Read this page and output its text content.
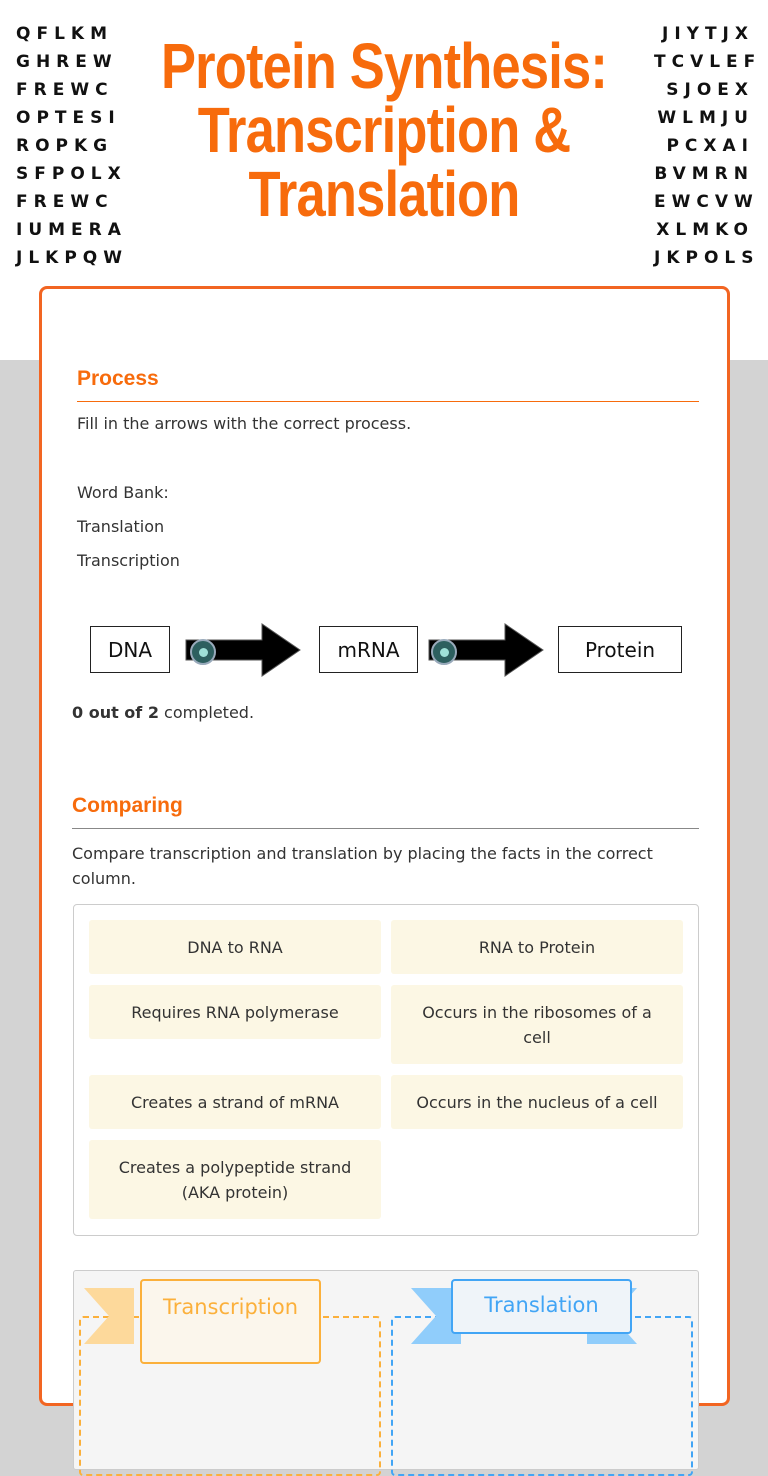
QFLKM
GHREW
FREWC
OPTESI
ROPKG
SFPOLX
FREWC
IUMERA
JLKPQW
JIYTJX
TCVLEF
SJOEX
WLMJU
PCXAI
BVMRN
EWCVW
XLMKO
JKPOLS
Protein Synthesis: Transcription & Translation
Process
Fill in the arrows with the correct process.
Word Bank:
Translation
Transcription
DNA	mRNA	Protein
0 out of 2 completed.
Comparing
Compare transcription and translation by placing the facts in the correct column.
DNA to RNA	RNA to Protein
Requires RNA polymerase	Occurs in the ribosomes of a cell
Creates a strand of mRNA	Occurs in the nucleus of a cell
Creates a polypeptide strand (AKA protein)
Transcription	Translation
